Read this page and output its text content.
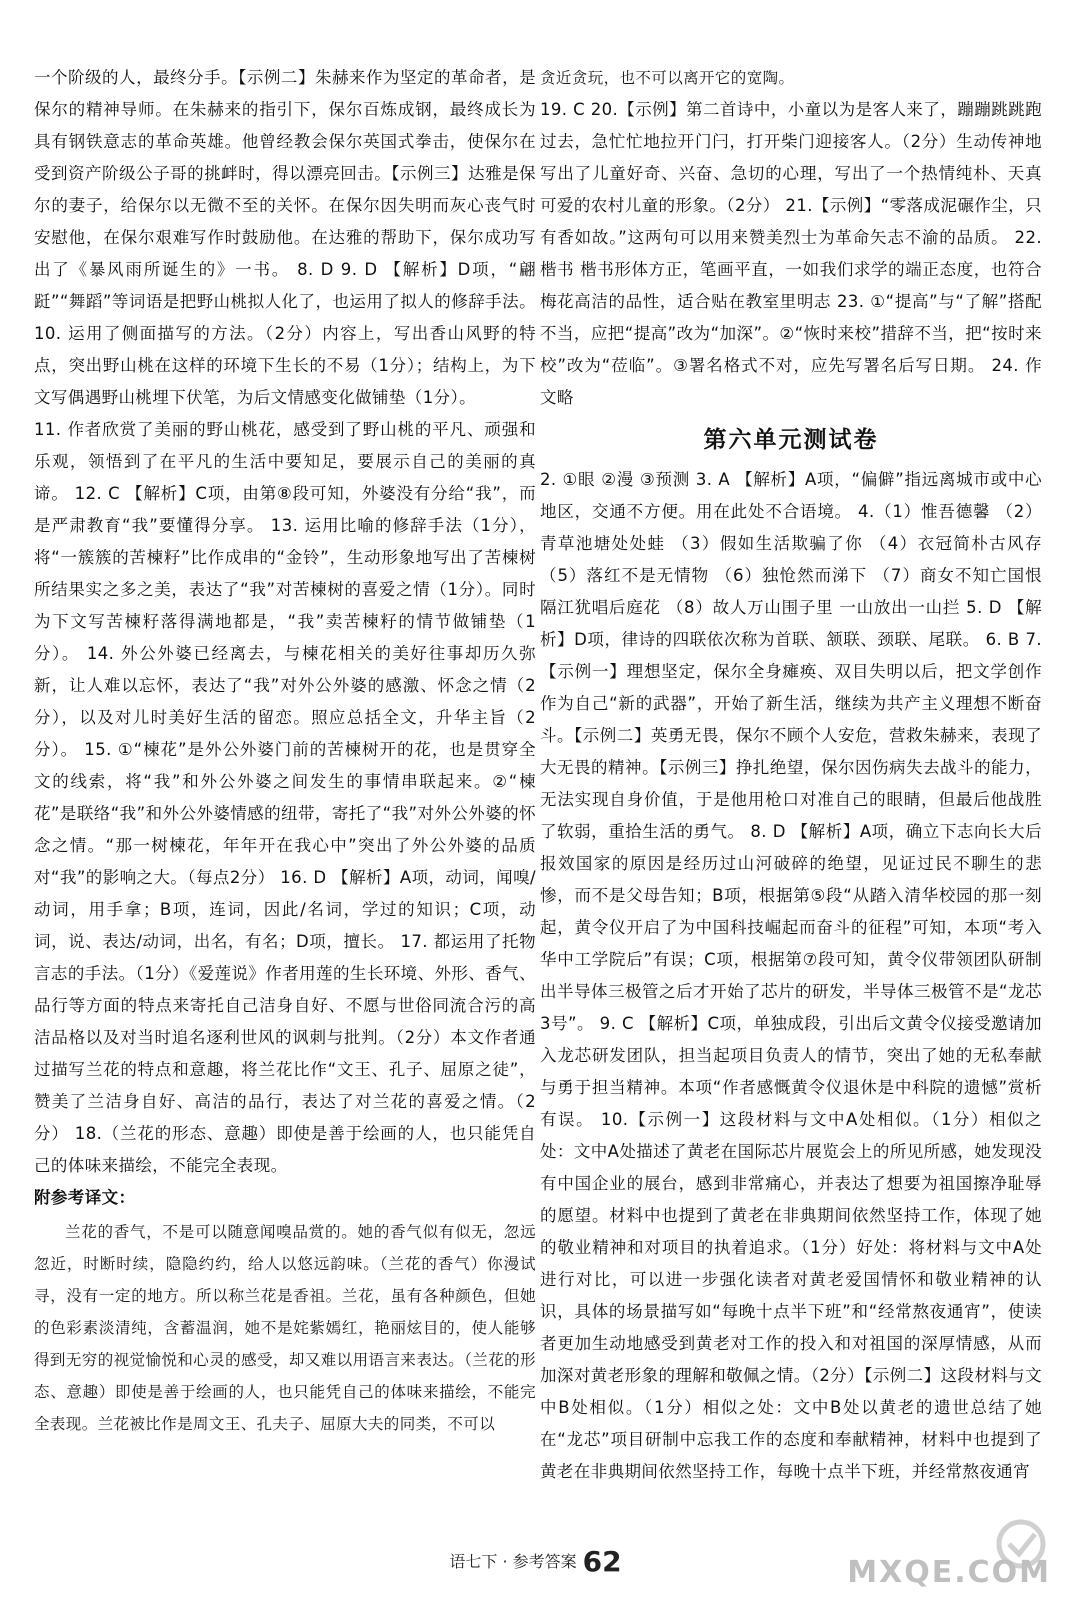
一个阶级的人，最终分手。【示例二】朱赫来作为坚定的革命者，是保尔的精神导师。在朱赫来的指引下，保尔百炼成钢，最终成长为具有钢铁意志的革命英雄。他曾经教会保尔英国式拳击，使保尔在受到资产阶级公子哥的挑衅时，得以漂亮回击。【示例三】达雅是保尔的妻子，给保尔以无微不至的关怀。在保尔因失明而灰心丧气时安慰他，在保尔艰难写作时鼓励他。在达雅的帮助下，保尔成功写出了《暴风雨所诞生的》一书。 8. D 9. D 【解析】D项，“翩跹”“舞蹈”等词语是把野山桃拟人化了，也运用了拟人的修辞手法。 10. 运用了侧面描写的方法。（2分）内容上，写出香山风野的特点，突出野山桃在这样的环境下生长的不易（1分）；结构上，为下文写偶遇野山桃埋下伏笔，为后文情感变化做铺垫（1分）。

11. 作者欣赏了美丽的野山桃花，感受到了野山桃的平凡、顽强和乐观，领悟到了在平凡的生活中要知足，要展示自己的美丽的真谛。 12. C 【解析】C项，由第⑧段可知，外婆没有分给“我”，而是严肃教育“我”要懂得分享。 13. 运用比喻的修辞手法（1分），将“一簇簇的苦楝籽”比作成串的“金铃”，生动形象地写出了苦楝树所结果实之多之美，表达了“我”对苦楝树的喜爱之情（1分）。同时为下文写苦楝籽落得满地都是，“我”卖苦楝籽的情节做铺垫（1分）。 14. 外公外婆已经离去，与楝花相关的美好往事却历久弥新，让人难以忘怀，表达了“我”对外公外婆的感激、怀念之情（2分），以及对儿时美好生活的留恋。照应总括全文，升华主旨（2分）。 15. ①“楝花”是外公外婆门前的苦楝树开的花，也是贯穿全文的线索，将“我”和外公外婆之间发生的事情串联起来。②“楝花”是联络“我”和外公外婆情感的纽带，寄托了“我”对外公外婆的怀念之情。“那一树楝花，年年开在我心中”突出了外公外婆的品质对“我”的影响之大。（每点2分） 16. D 【解析】A项，动词，闻嗅/动词，用手拿；B项，连词，因此/名词，学过的知识；C项，动词，说、表达/动词，出名，有名；D项，擅长。 17. 都运用了托物言志的手法。（1分）《爱莲说》作者用莲的生长环境、外形、香气、品行等方面的特点来寄托自己洁身自好、不愿与世俗同流合污的高洁品格以及对当时追名逐利世风的讽刺与批判。（2分）本文作者通过描写兰花的特点和意趣，将兰花比作“文王、孔子、屈原之徒”，赞美了兰洁身自好、高洁的品行，表达了对兰花的喜爱之情。（2分） 18.（兰花的形态、意趣）即使是善于绘画的人，也只能凭自己的体味来描绘，不能完全表现。

附参考译文：

兰花的香气，不是可以随意闻嗅品赏的。她的香气似有似无，忽远忽近，时断时续，隐隐约约，给人以悠远韵味。（兰花的香气）你漫试寻，没有一定的地方。所以称兰花是香祖。兰花，虽有各种颜色，但她的色彩素淡清纯，含蓄温润，她不是姹紫嫣红，艳丽炫目的，使人能够得到无穷的视觉愉悦和心灵的感受，却又难以用语言来表达。（兰花的形态、意趣）即使是善于绘画的人，也只能凭自己的体味来描绘，不能完全表现。兰花被比作是周文王、孔夫子、屈原大夫的同类，不可以

贪近贪玩，也不可以离开它的宽陶。

19. C 20.【示例】第二首诗中，小童以为是客人来了，蹦蹦跳跳跑过去，急忙忙地拉开门闩，打开柴门迎接客人。（2分）生动传神地写出了儿童好奇、兴奋、急切的心理，写出了一个热情纯朴、天真可爱的农村儿童的形象。（2分） 21.【示例】“零落成泥碾作尘，只有香如故。”这两句可以用来赞美烈士为革命矢志不渝的品质。 22. 楷书 楷书形体方正，笔画平直，一如我们求学的端正态度，也符合梅花高洁的品性，适合贴在教室里明志 23. ①“提高”与“了解”搭配不当，应把“提高”改为“加深”。②“恢时来校”措辞不当，把“按时来校”改为“莅临”。③署名格式不对，应先写署名后写日期。 24. 作文略

第六单元测试卷

2. ①眼 ②漫 ③预测 3. A 【解析】A项，“偏僻”指远离城市或中心地区，交通不方便。用在此处不合语境。 4.（1）惟吾德馨 （2）青草池塘处处蛙 （3）假如生活欺骗了你 （4）衣冠简朴古风存 （5）落红不是无情物 （6）独怆然而涕下 （7）商女不知亡国恨 隔江犹唱后庭花 （8）故人万山围子里 一山放出一山拦 5. D 【解析】D项，律诗的四联依次称为首联、颔联、颈联、尾联。 6. B 7.【示例一】理想坚定，保尔全身瘫痪、双目失明以后，把文学创作作为自己“新的武器”，开始了新生活，继续为共产主义理想不断奋斗。【示例二】英勇无畏，保尔不顾个人安危，营救朱赫来，表现了大无畏的精神。【示例三】挣扎绝望，保尔因伤病失去战斗的能力，无法实现自身价值，于是他用枪口对准自己的眼睛，但最后他战胜了软弱，重拾生活的勇气。 8. D 【解析】A项，确立下志向长大后报效国家的原因是经历过山河破碎的绝望，见证过民不聊生的悲惨，而不是父母告知；B项，根据第⑤段“从踏入清华校园的那一刻起，黄令仪开启了为中国科技崛起而奋斗的征程”可知，本项“考入华中工学院后”有误；C项，根据第⑦段可知，黄令仪带领团队研制出半导体三极管之后才开始了芯片的研发，半导体三极管不是“龙芯3号”。 9. C 【解析】C项，单独成段，引出后文黄令仪接受邀请加入龙芯研发团队，担当起项目负责人的情节，突出了她的无私奉献与勇于担当精神。本项“作者感慨黄令仪退休是中科院的遗憾”赏析有误。 10.【示例一】这段材料与文中A处相似。（1分）相似之处：文中A处描述了黄老在国际芯片展览会上的所见所感，她发现没有中国企业的展台，感到非常痛心，并表达了想要为祖国擦净耻辱的愿望。材料中也提到了黄老在非典期间依然坚持工作，体现了她的敬业精神和对项目的执着追求。（1分）好处：将材料与文中A处进行对比，可以进一步强化读者对黄老爱国情怀和敬业精神的认识，具体的场景描写如“每晚十点半下班”和“经常熬夜通宵”，使读者更加生动地感受到黄老对工作的投入和对祖国的深厚情感，从而加深对黄老形象的理解和敬佩之情。（2分）【示例二】这段材料与文中B处相似。（1分）相似之处：文中B处以黄老的遗世总结了她在“龙芯”项目研制中忘我工作的态度和奉献精神，材料中也提到了黄老在非典期间依然坚持工作，每晚十点半下班，并经常熬夜通宵

语七下 · 参考答案 62	MXQE.COM
